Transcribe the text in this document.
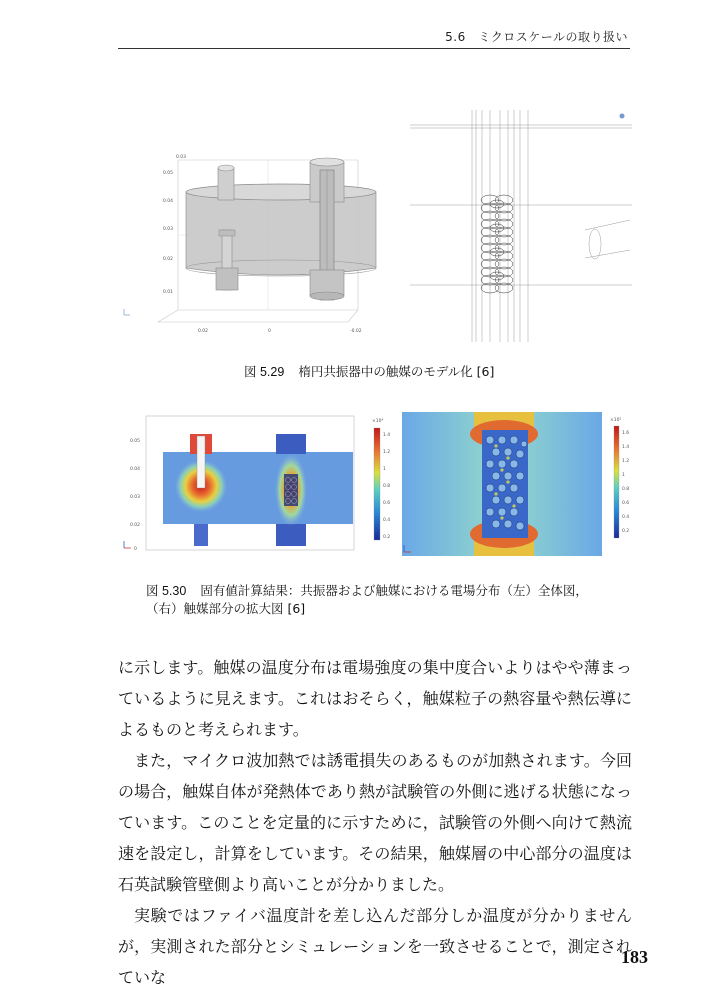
5.6　ミクロスケールの取り扱い
0.03
0.05
0.04
0.03
0.02
0.01
0.02	0	-0.02
図 5.29 楕円共振器中の触媒のモデル化 [6]
0.05
0.04
0.03
0.02
0
×10⁴
1.4
1.2
1
0.8
0.6
0.4
0.2
×10⁵
1.6
1.4
1.2
1
0.8
0.6
0.4
0.2
図 5.30 固有値計算結果：共振器および触媒における電場分布（左）全体図，
（右）触媒部分の拡大図 [6]

に示します。触媒の温度分布は電場強度の集中度合いよりはやや薄まっているように見えます。これはおそらく，触媒粒子の熱容量や熱伝導によるものと考えられます。

また，マイクロ波加熱では誘電損失のあるものが加熱されます。今回の場合，触媒自体が発熱体であり熱が試験管の外側に逃げる状態になっています。このことを定量的に示すために，試験管の外側へ向けて熱流速を設定し，計算をしています。その結果，触媒層の中心部分の温度は石英試験管壁側より高いことが分かりました。

実験ではファイバ温度計を差し込んだ部分しか温度が分かりませんが，実測された部分とシミュレーションを一致させることで，測定されていな

183
